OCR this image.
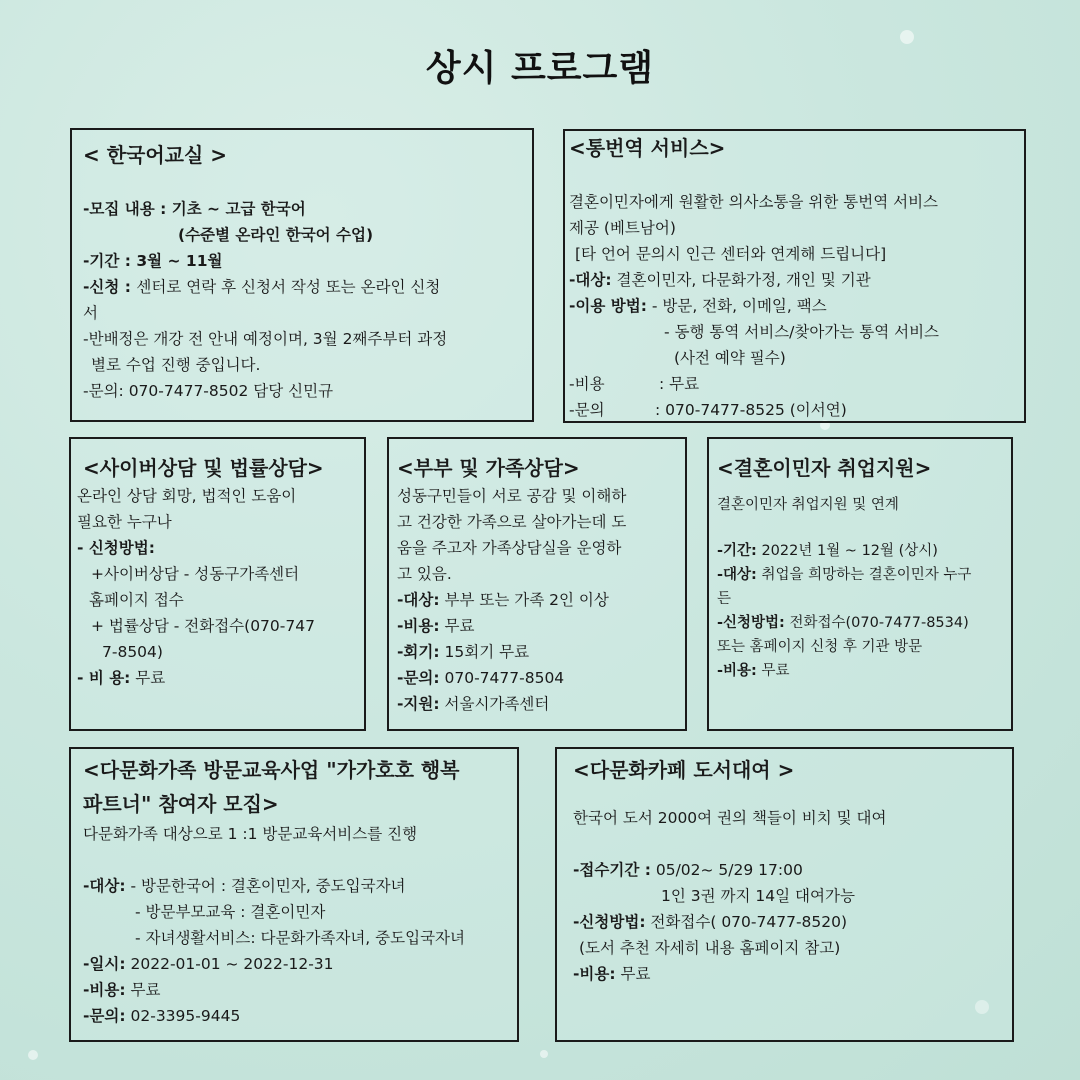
상시 프로그램
< 한국어교실 >
-모집 내용 : 기초 ~ 고급 한국어
(수준별 온라인 한국어 수업)
-기간 : 3월 ~ 11월
-신청 : 센터로 연락 후 신청서 작성 또는 온라인 신청
서
-반배정은 개강 전 안내 예정이며, 3월 2째주부터 과정
별로 수업 진행 중입니다.
-문의: 070-7477-8502 담당 신민규
<통번역 서비스>
결혼이민자에게 원활한 의사소통을 위한 통번역 서비스
제공 (베트남어)
[타 언어 문의시 인근 센터와 연계해 드립니다]
-대상: 결혼이민자, 다문화가정, 개인 및 기관
-이용 방법: - 방문, 전화, 이메일, 팩스
- 동행 통역 서비스/찾아가는 통역 서비스
(사전 예약 필수)
-비용	: 무료
-문의	: 070-7477-8525 (이서연)
<사이버상담 및 법률상담>
온라인 상담 회망, 법적인 도움이
필요한 누구나
- 신청방법:
+사이버상담 - 성동구가족센터
홈페이지 접수
+ 법률상담 - 전화접수(070-747
7-8504)
- 비 용: 무료
<부부 및 가족상담>
성동구민들이 서로 공감 및 이해하
고 건강한 가족으로 살아가는데 도
움을 주고자 가족상담실을 운영하
고 있음.
-대상: 부부 또는 가족 2인 이상
-비용: 무료
-회기: 15회기 무료
-문의: 070-7477-8504
-지원: 서울시가족센터
<결혼이민자 취업지원>
결혼이민자 취업지원 및 연계
-기간: 2022년 1월 ~ 12월 (상시)
-대상: 취업을 희망하는 결혼이민자 누구
든
-신청방법: 전화접수(070-7477-8534)
또는 홈페이지 신청 후 기관 방문
-비용: 무료
<다문화가족 방문교육사업 "가가호호 행복
파트너" 참여자 모집>
다문화가족 대상으로 1 :1 방문교육서비스를 진행
-대상: - 방문한국어 : 결혼이민자, 중도입국자녀
- 방문부모교육 : 결혼이민자
- 자녀생활서비스: 다문화가족자녀, 중도입국자녀
-일시: 2022-01-01 ~ 2022-12-31
-비용: 무료
-문의: 02-3395-9445
<다문화카페 도서대여 >
한국어 도서 2000여 권의 책들이 비치 및 대여
-접수기간 : 05/02~ 5/29 17:00
1인 3권 까지 14일 대여가능
-신청방법: 전화접수( 070-7477-8520)
(도서 추천 자세히 내용 홈페이지 참고)
-비용: 무료
